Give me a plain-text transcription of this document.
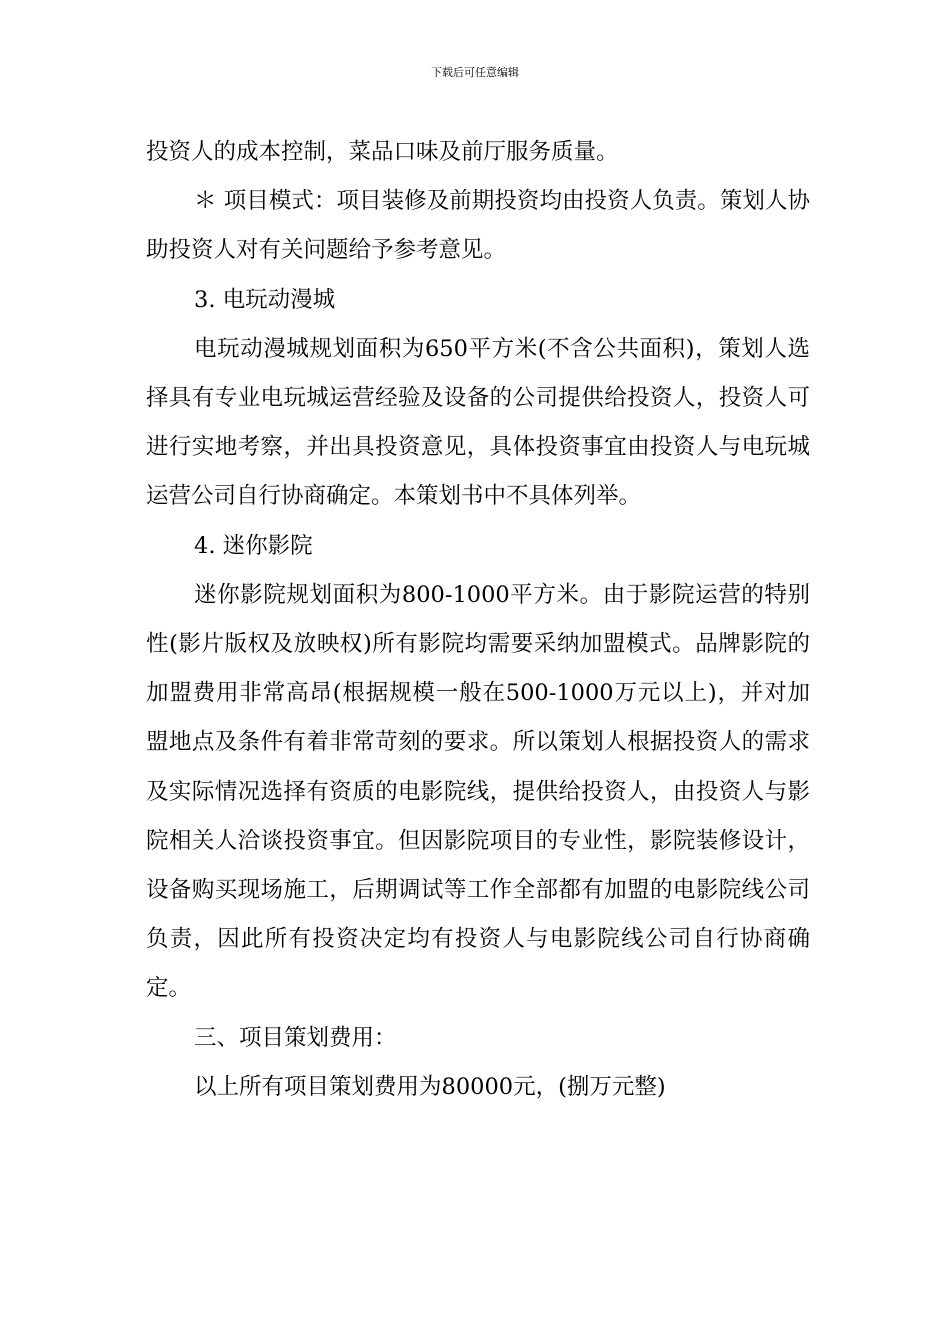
下载后可任意编辑

投资人的成本控制，菜品口味及前厅服务质量。

＊ 项目模式：项目装修及前期投资均由投资人负责。策划人协助投资人对有关问题给予参考意见。

3. 电玩动漫城

电玩动漫城规划面积为650平方米(不含公共面积)，策划人选择具有专业电玩城运营经验及设备的公司提供给投资人，投资人可进行实地考察，并出具投资意见，具体投资事宜由投资人与电玩城运营公司自行协商确定。本策划书中不具体列举。

4. 迷你影院

迷你影院规划面积为800-1000平方米。由于影院运营的特别性(影片版权及放映权)所有影院均需要采纳加盟模式。品牌影院的加盟费用非常高昂(根据规模一般在500-1000万元以上)，并对加盟地点及条件有着非常苛刻的要求。所以策划人根据投资人的需求及实际情况选择有资质的电影院线，提供给投资人，由投资人与影院相关人洽谈投资事宜。但因影院项目的专业性，影院装修设计，设备购买现场施工，后期调试等工作全部都有加盟的电影院线公司负责，因此所有投资决定均有投资人与电影院线公司自行协商确定。

三、项目策划费用：

以上所有项目策划费用为80000元，(捌万元整)
